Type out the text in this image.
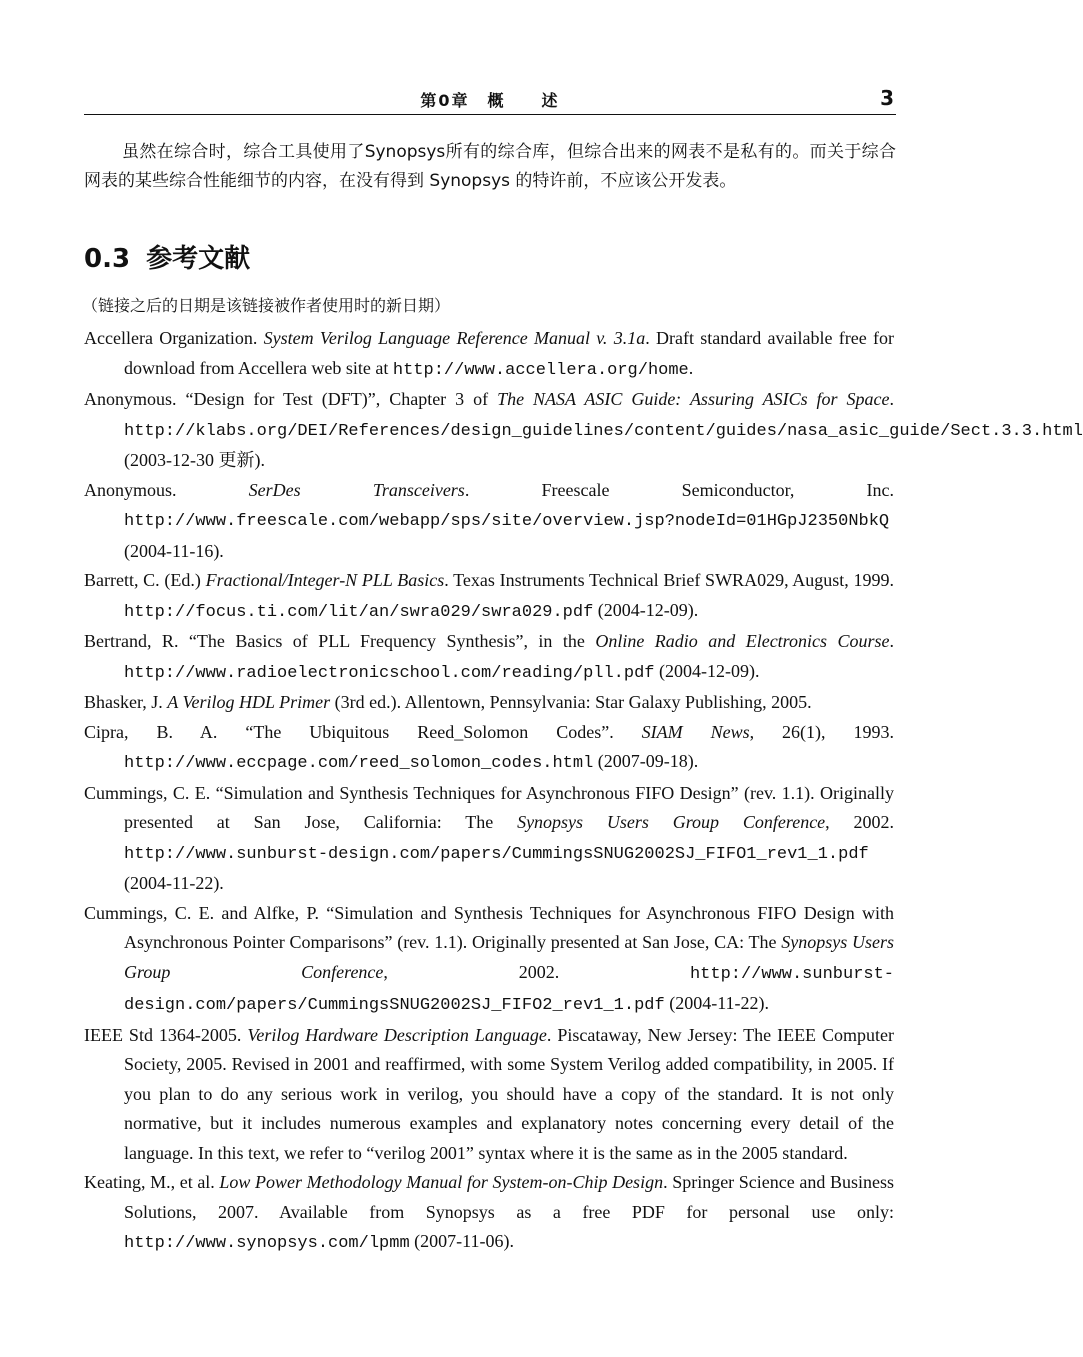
第0章　概　　述	3
虽然在综合时，综合工具使用了Synopsys所有的综合库，但综合出来的网表不是私有的。而关于综合网表的某些综合性能细节的内容，在没有得到 Synopsys 的特许前，不应该公开发表。
0.3 参考文献
（链接之后的日期是该链接被作者使用时的新日期）
Accellera Organization. System Verilog Language Reference Manual v. 3.1a. Draft standard available free for download from Accellera web site at http://www.accellera.org/home.
Anonymous. “Design for Test (DFT)”, Chapter 3 of The NASA ASIC Guide: Assuring ASICs for Space. http://klabs.org/DEI/References/design_guidelines/content/guides/nasa_asic_guide/Sect.3.3.html (2003-12-30 更新).
Anonymous. SerDes Transceivers. Freescale Semiconductor, Inc. http://www.freescale.com/webapp/sps/site/overview.jsp?nodeId=01HGpJ2350NbkQ (2004-11-16).
Barrett, C. (Ed.) Fractional/Integer-N PLL Basics. Texas Instruments Technical Brief SWRA029, August, 1999. http://focus.ti.com/lit/an/swra029/swra029.pdf (2004-12-09).
Bertrand, R. “The Basics of PLL Frequency Synthesis”, in the Online Radio and Electronics Course. http://www.radioelectronicschool.com/reading/pll.pdf (2004-12-09).
Bhasker, J. A Verilog HDL Primer (3rd ed.). Allentown, Pennsylvania: Star Galaxy Publishing, 2005.
Cipra, B. A. “The Ubiquitous Reed_Solomon Codes”. SIAM News, 26(1), 1993. http://www.eccpage.com/reed_solomon_codes.html (2007-09-18).
Cummings, C. E. “Simulation and Synthesis Techniques for Asynchronous FIFO Design” (rev. 1.1). Originally presented at San Jose, California: The Synopsys Users Group Conference, 2002. http://www.sunburst-design.com/papers/CummingsSNUG2002SJ_FIFO1_rev1_1.pdf (2004-11-22).
Cummings, C. E. and Alfke, P. “Simulation and Synthesis Techniques for Asynchronous FIFO Design with Asynchronous Pointer Comparisons” (rev. 1.1). Originally presented at San Jose, CA: The Synopsys Users Group Conference, 2002. http://www.sunburst-design.com/papers/CummingsSNUG2002SJ_FIFO2_rev1_1.pdf (2004-11-22).
IEEE Std 1364-2005. Verilog Hardware Description Language. Piscataway, New Jersey: The IEEE Computer Society, 2005. Revised in 2001 and reaffirmed, with some System Verilog added compatibility, in 2005. If you plan to do any serious work in verilog, you should have a copy of the standard. It is not only normative, but it includes numerous examples and explanatory notes concerning every detail of the language. In this text, we refer to “verilog 2001” syntax where it is the same as in the 2005 standard.
Keating, M., et al. Low Power Methodology Manual for System-on-Chip Design. Springer Science and Business Solutions, 2007. Available from Synopsys as a free PDF for personal use only: http://www.synopsys.com/lpmm (2007-11-06).
